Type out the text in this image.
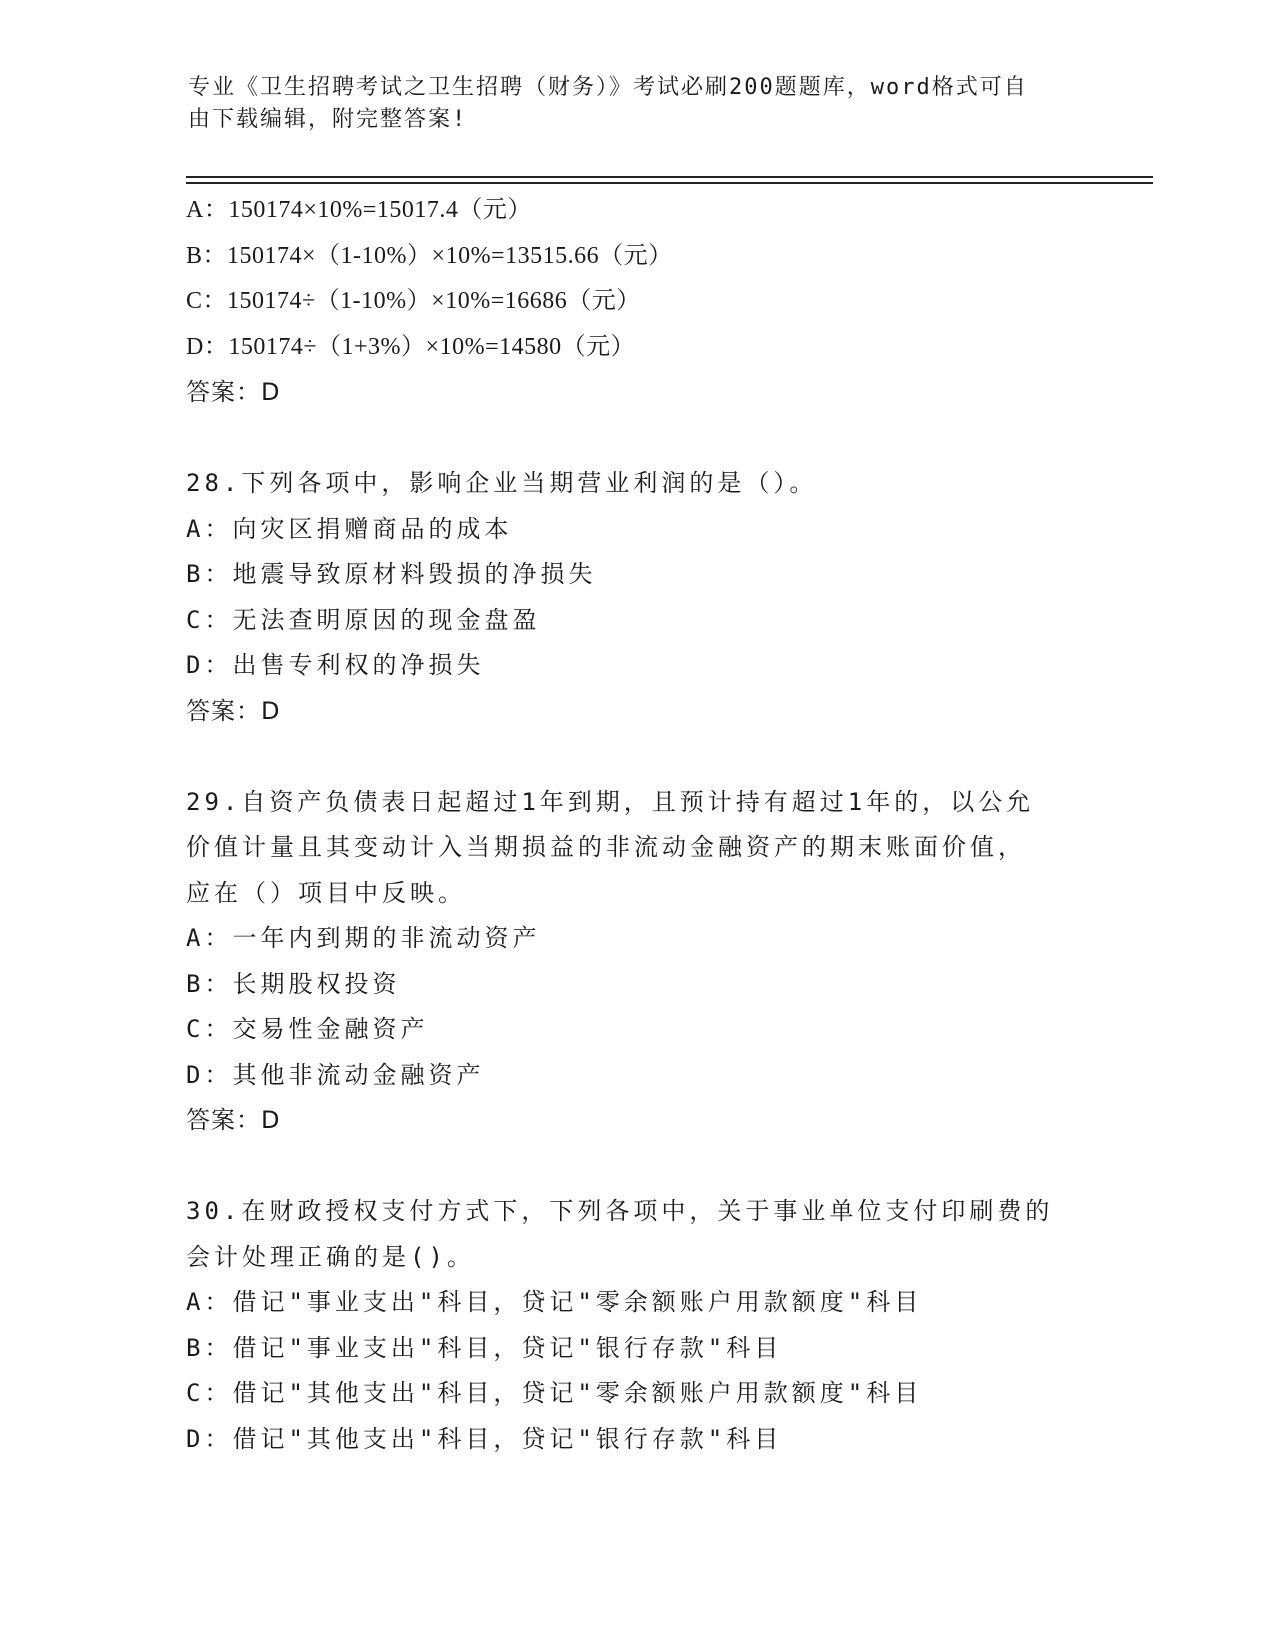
专业《卫生招聘考试之卫生招聘（财务）》考试必刷200题题库，word格式可自
由下载编辑，附完整答案!
A：150174×10%=15017.4（元）
B：150174×（1-10%）×10%=13515.66（元）
C：150174÷（1-10%）×10%=16686（元）
D：150174÷（1+3%）×10%=14580（元）
答案：D
28.下列各项中，影响企业当期营业利润的是（）。
A：向灾区捐赠商品的成本
B：地震导致原材料毁损的净损失
C：无法查明原因的现金盘盈
D：出售专利权的净损失
答案：D
29.自资产负债表日起超过1年到期，且预计持有超过1年的，以公允
价值计量且其变动计入当期损益的非流动金融资产的期末账面价值，
应在（）项目中反映。
A：一年内到期的非流动资产
B：长期股权投资
C：交易性金融资产
D：其他非流动金融资产
答案：D
30.在财政授权支付方式下，下列各项中，关于事业单位支付印刷费的
会计处理正确的是()。
A：借记"事业支出"科目，贷记"零余额账户用款额度"科目
B：借记"事业支出"科目，贷记"银行存款"科目
C：借记"其他支出"科目，贷记"零余额账户用款额度"科目
D：借记"其他支出"科目，贷记"银行存款"科目
